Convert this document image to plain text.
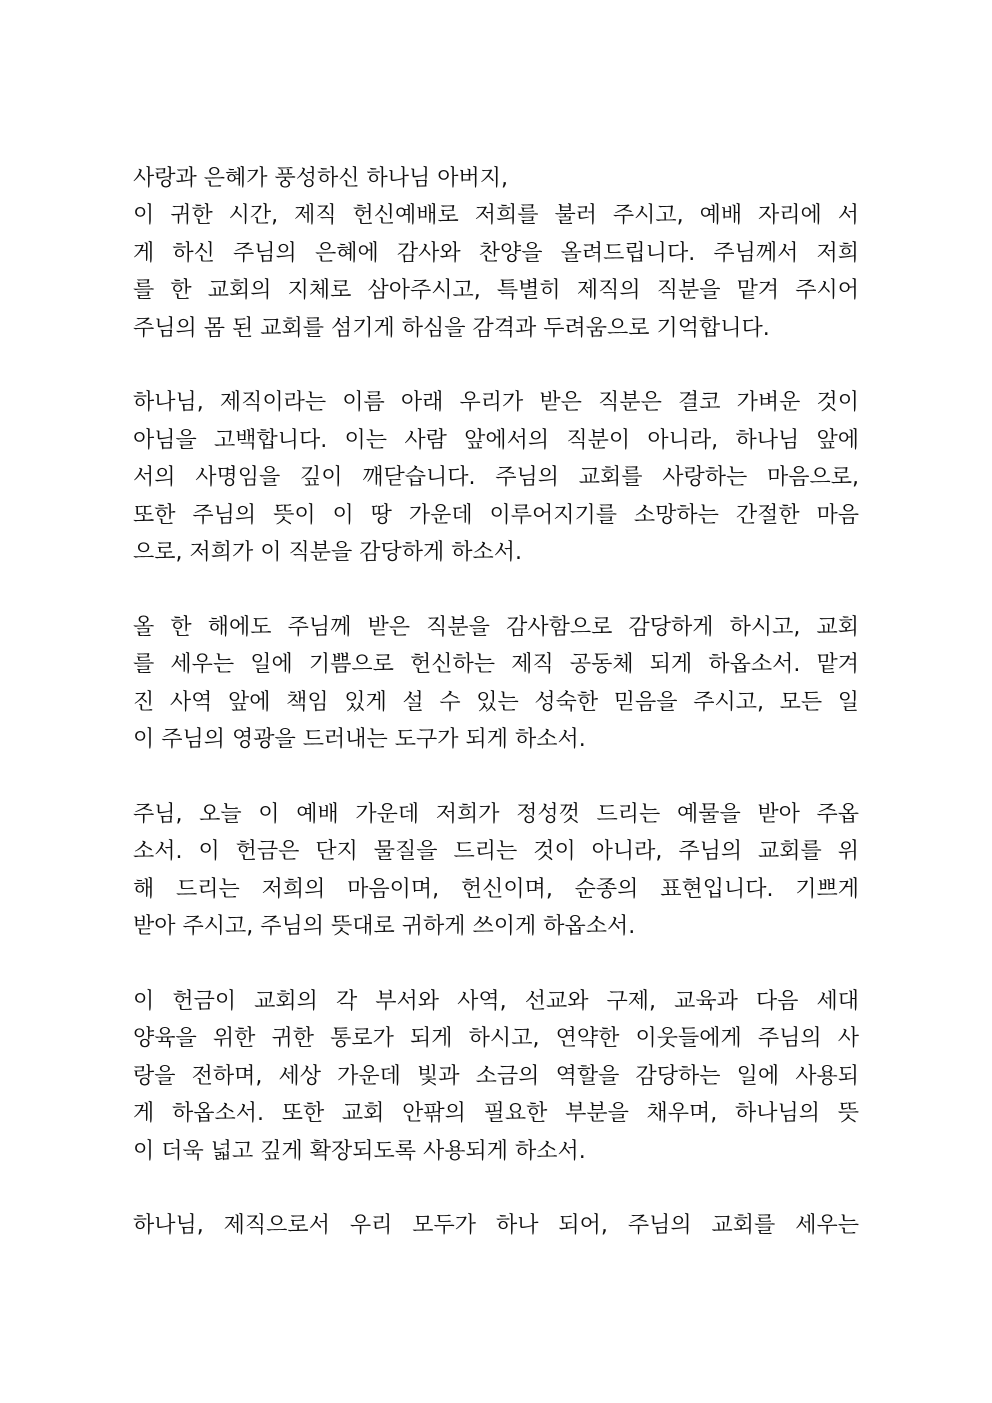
사랑과 은혜가 풍성하신 하나님 아버지,
이 귀한 시간, 제직 헌신예배로 저희를 불러 주시고, 예배 자리에 서
게 하신 주님의 은혜에 감사와 찬양을 올려드립니다. 주님께서 저희
를 한 교회의 지체로 삼아주시고, 특별히 제직의 직분을 맡겨 주시어
주님의 몸 된 교회를 섬기게 하심을 감격과 두려움으로 기억합니다.

하나님, 제직이라는 이름 아래 우리가 받은 직분은 결코 가벼운 것이
아님을 고백합니다. 이는 사람 앞에서의 직분이 아니라, 하나님 앞에
서의 사명임을 깊이 깨닫습니다. 주님의 교회를 사랑하는 마음으로,
또한 주님의 뜻이 이 땅 가운데 이루어지기를 소망하는 간절한 마음
으로, 저희가 이 직분을 감당하게 하소서.

올 한 해에도 주님께 받은 직분을 감사함으로 감당하게 하시고, 교회
를 세우는 일에 기쁨으로 헌신하는 제직 공동체 되게 하옵소서. 맡겨
진 사역 앞에 책임 있게 설 수 있는 성숙한 믿음을 주시고, 모든 일
이 주님의 영광을 드러내는 도구가 되게 하소서.

주님, 오늘 이 예배 가운데 저희가 정성껏 드리는 예물을 받아 주옵
소서. 이 헌금은 단지 물질을 드리는 것이 아니라, 주님의 교회를 위
해 드리는 저희의 마음이며, 헌신이며, 순종의 표현입니다. 기쁘게
받아 주시고, 주님의 뜻대로 귀하게 쓰이게 하옵소서.

이 헌금이 교회의 각 부서와 사역, 선교와 구제, 교육과 다음 세대
양육을 위한 귀한 통로가 되게 하시고, 연약한 이웃들에게 주님의 사
랑을 전하며, 세상 가운데 빛과 소금의 역할을 감당하는 일에 사용되
게 하옵소서. 또한 교회 안팎의 필요한 부분을 채우며, 하나님의 뜻
이 더욱 넓고 깊게 확장되도록 사용되게 하소서.

하나님, 제직으로서 우리 모두가 하나 되어, 주님의 교회를 세우는
